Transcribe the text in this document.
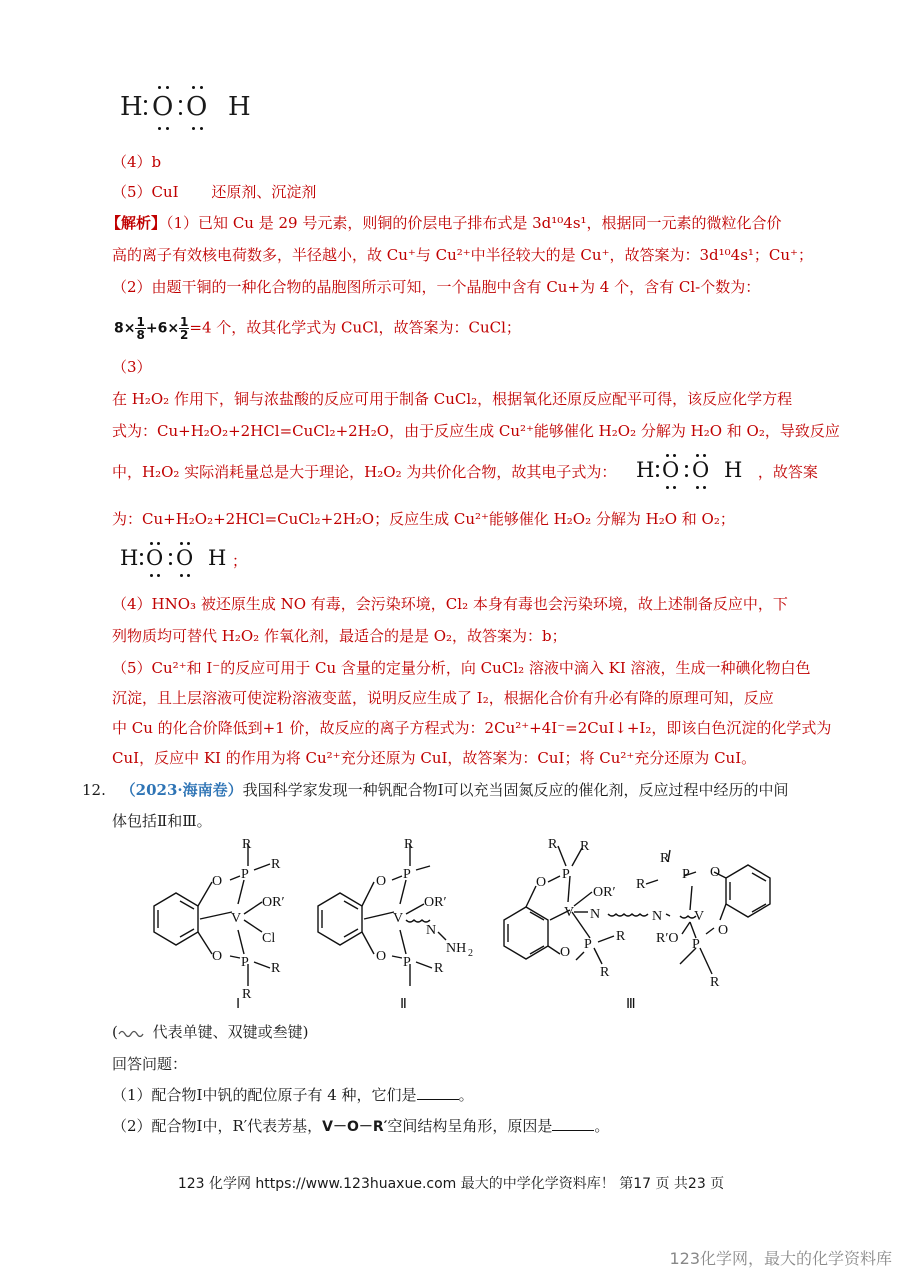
H O O H
（4）b
（5）CuI 还原剂、沉淀剂
【解析】（1）已知 Cu 是 29 号元素，则铜的价层电子排布式是 3d¹⁰4s¹，根据同一元素的微粒化合价
高的离子有效核电荷数多，半径越小，故 Cu⁺与 Cu²⁺中半径较大的是 Cu⁺，故答案为：3d¹⁰4s¹；Cu⁺；
（2）由题干铜的一种化合物的晶胞图所示可知，一个晶胞中含有 Cu+为 4 个，含有 Cl-个数为：
$8\times \frac{1}{8} +6\times \frac{1}{2} =4$ 个，故其化学式为 CuCl，故答案为：CuCl；
（3）
在 H₂O₂ 作用下，铜与浓盐酸的反应可用于制备 CuCl₂，根据氧化还原反应配平可得，该反应化学方程
式为：Cu+H₂O₂+2HCl=CuCl₂+2H₂O，由于反应生成 Cu²⁺能够催化 H₂O₂ 分解为 H₂O 和 O₂，导致反应
中，H₂O₂ 实际消耗量总是大于理论，H₂O₂ 为共价化合物，故其电子式为：	，故答案
H O O H
为：Cu+H₂O₂+2HCl=CuCl₂+2H₂O；反应生成 Cu²⁺能够催化 H₂O₂ 分解为 H₂O 和 O₂；
H O O H ；
（4）HNO₃ 被还原生成 NO 有毒，会污染环境，Cl₂ 本身有毒也会污染环境，故上述制备反应中，下
列物质均可替代 H₂O₂ 作氧化剂，最适合的是是 O₂，故答案为：b；
（5）Cu²⁺和 I⁻的反应可用于 Cu 含量的定量分析，向 CuCl₂ 溶液中滴入 KI 溶液，生成一种碘化物白色
沉淀，且上层溶液可使淀粉溶液变蓝，说明反应生成了 I₂，根据化合价有升必有降的原理可知，反应
中 Cu 的化合价降低到+1 价，故反应的离子方程式为：2Cu²⁺+4I⁻=2CuI↓+I₂，即该白色沉淀的化学式为
CuI，反应中 KI 的作用为将 Cu²⁺充分还原为 CuI，故答案为：CuI；将 Cu²⁺充分还原为 CuI。
12. （2023·海南卷）我国科学家发现一种钒配合物Ⅰ可以充当固氮反应的催化剂，反应过程中经历的中间
体包括Ⅱ和Ⅲ。
O
O
P
P
R
R
R
R
V
OR′
Cl
O
O
P
P
R
R
V
OR′
N
NH 2
O
O
P
P
R R
R
R
OR′
V N	N V
O
O
P
P
R
R
R
R′O
Ⅰ	Ⅱ	Ⅲ
( 代表单键、双键或叁键)
回答问题：
（1）配合物Ⅰ中钒的配位原子有 4 种，它们是	。
（2）配合物Ⅰ中，R′代表芳基，V－O－R′空间结构呈角形，原因是	。
123 化学网 https://www.123huaxue.com 最大的中学化学资料库！ 第17 页 共23 页
123化学网，最大的化学资料库
